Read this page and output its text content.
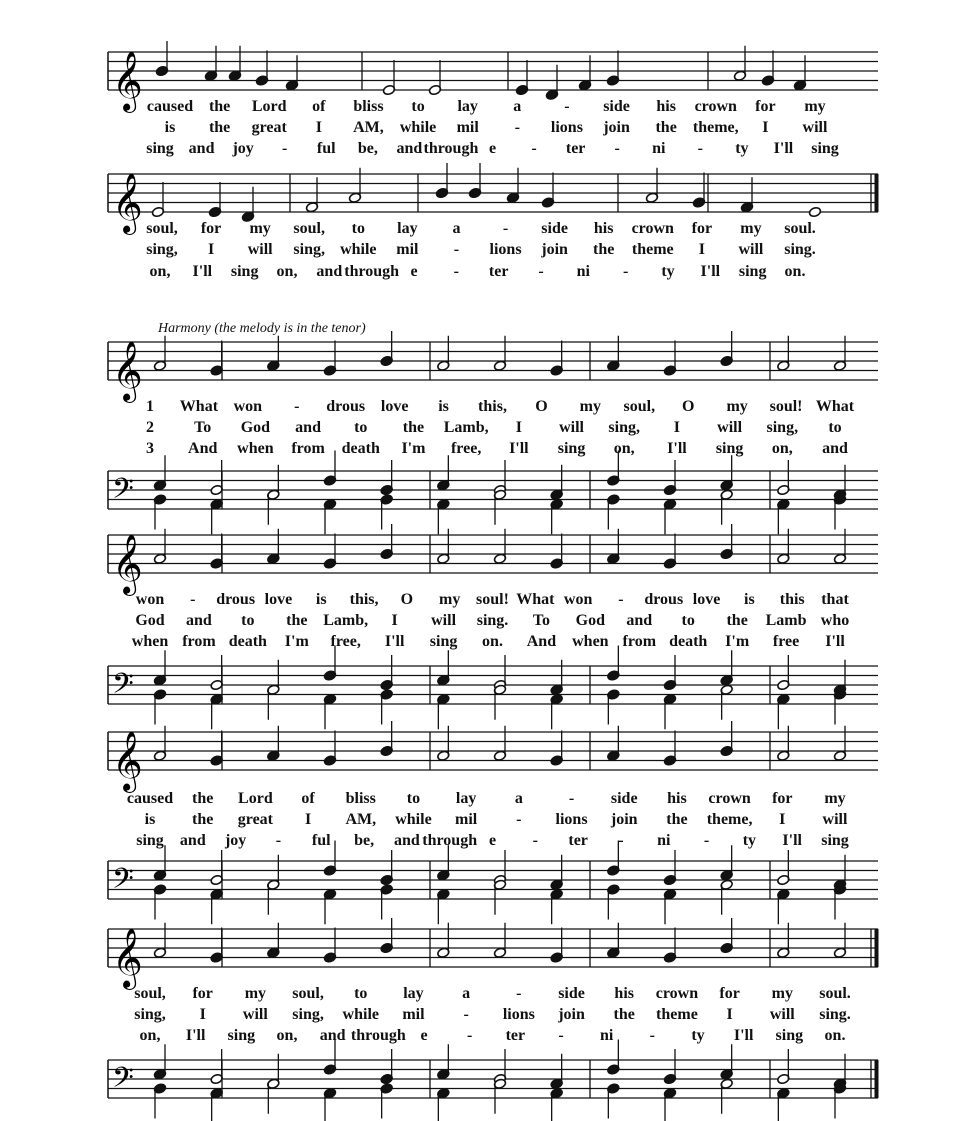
𝄞
𝄞
𝄞
𝄢
𝄞
𝄢
𝄞
𝄢
𝄞
𝄢
Harmony (the melody is in the tenor)
caused the Lord of bliss to lay a	- side his crown for my
is the great I AM, while mil - lions join the theme, I will
sing and joy - ful be, and through e - ter - ni - ty I'll sing
soul, for my soul, to lay a	- side his crown for my soul.
sing, I will sing, while mil - lions join the theme I will sing.
on, I'll sing on, and through e - ter - ni - ty I'll sing on.
1 What won - drous love is this, O my soul, O my soul! What
2	To God and to the Lamb, I will sing, I will sing, to
3 And when from death I'm free, I'll sing on, I'll sing on, and
won - drous love is this, O my soul! What won - drous love is this that
God and to the Lamb, I will sing. To God and to the Lamb who
when from death I'm free, I'll sing on. And when from death I'm free I'll
caused the Lord of bliss to lay a	- side his crown for my
is the great I AM, while mil - lions join the theme, I will
sing and joy - ful be, and through e - ter - ni - ty I'll sing
soul, for my soul, to lay a	- side his crown for my soul.
sing, I will sing, while mil - lions join the theme I will sing.
on, I'll sing on, and through e - ter - ni - ty I'll sing on.
